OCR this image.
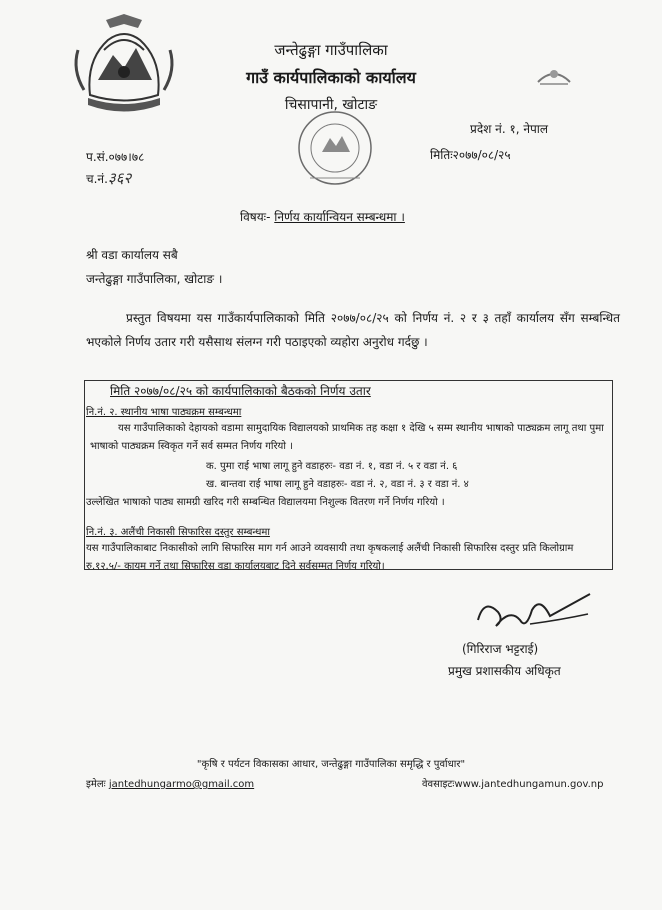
जन्तेढुङ्गा गाउँपालिका
गाउँ कार्यपालिकाको कार्यालय
चिसापानी, खोटाङ
प्रदेश नं. १, नेपाल
मितिः२०७७/०८/२५
प.सं.०७७।७८
च.नं.३६२
विषयः- निर्णय कार्यान्वियन सम्बन्धमा ।
श्री वडा कार्यालय सबै
जन्तेढुङ्गा गाउँपालिका, खोटाङ ।
प्रस्तुत विषयमा यस गाउँकार्यपालिकाको मिति २०७७/०८/२५ को निर्णय नं. २ र ३ तहाँ कार्यालय सँग सम्बन्धित भएकोले निर्णय उतार गरी यसैसाथ संलग्न गरी पठाइएको व्यहोरा अनुरोध गर्दछु ।
मिति २०७७/०८/२५ को कार्यपालिकाको बैठकको निर्णय उतार
नि.नं. २. स्थानीय भाषा पाठ्यक्रम सम्बन्धमा
यस गाउँपालिकाको देहायको वडामा सामुदायिक विद्यालयको प्राथमिक तह कक्षा १ देखि ५ सम्म स्थानीय भाषाको पाठ्यक्रम लागू तथा पुमा भाषाको पाठ्यक्रम स्विकृत गर्ने सर्व सम्मत निर्णय गरियो ।
क. पुमा राई भाषा लागू हुने वडाहरुः- वडा नं. १, वडा नं. ५ र वडा नं. ६
ख. बान्तवा राई भाषा लागू हुने वडाहरुः- वडा नं. २, वडा नं. ३ र वडा नं. ४
उल्लेखित भाषाको पाठ्य सामग्री खरिद गरी सम्बन्धित विद्यालयमा निशुल्क वितरण गर्ने निर्णय गरियो ।
नि.नं. ३. अलैंची निकासी सिफारिस दस्तुर सम्बन्धमा
यस गाउँपालिकाबाट निकासीको लागि सिफारिस माग गर्न आउने व्यवसायी तथा कृषकलाई अलैंची निकासी सिफारिस दस्तुर प्रति किलोग्राम रु.१२.५/- कायम गर्ने तथा सिफारिस वडा कार्यालयबाट दिने सर्वसम्मत निर्णय गरियो।
(गिरिराज भट्टराई)
प्रमुख प्रशासकीय अधिकृत
"कृषि र पर्यटन विकासका आधार, जन्तेढुङ्गा गाउँपालिका समृद्धि र पुर्वाधार"
इमेलः jantedhungarmo@gmail.com	वेवसाइटःwww.jantedhungamun.gov.np
